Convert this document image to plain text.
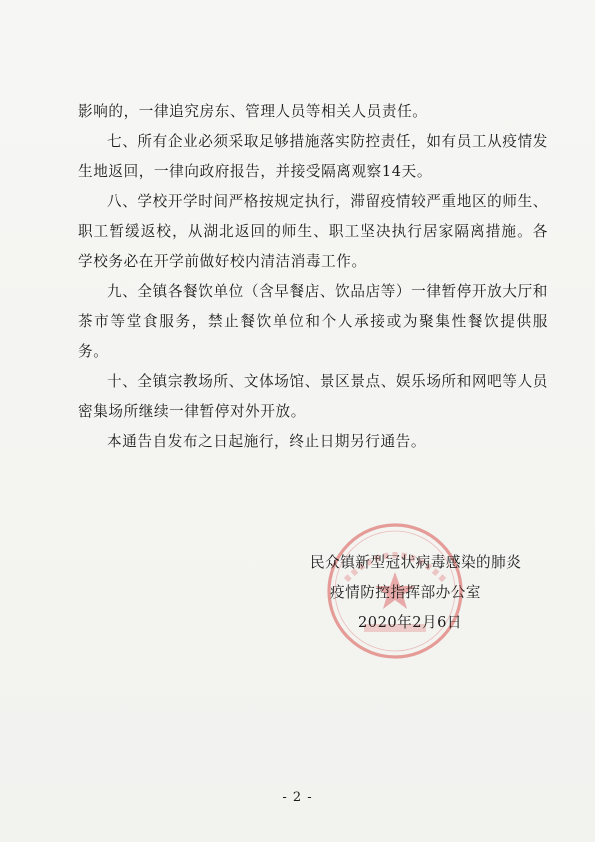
影响的，一律追究房东、管理人员等相关人员责任。

七、所有企业必须采取足够措施落实防控责任，如有员工从疫情发生地返回，一律向政府报告，并接受隔离观察14天。

八、学校开学时间严格按规定执行，滞留疫情较严重地区的师生、职工暂缓返校，从湖北返回的师生、职工坚决执行居家隔离措施。各学校务必在开学前做好校内清洁消毒工作。

九、全镇各餐饮单位（含早餐店、饮品店等）一律暂停开放大厅和茶市等堂食服务，禁止餐饮单位和个人承接或为聚集性餐饮提供服务。

十、全镇宗教场所、文体场馆、景区景点、娱乐场所和网吧等人员密集场所继续一律暂停对外开放。

本通告自发布之日起施行，终止日期另行通告。

民众镇新型冠状病毒感染的肺炎
疫情防控指挥部办公室
2020年2月6日
- 2 -
